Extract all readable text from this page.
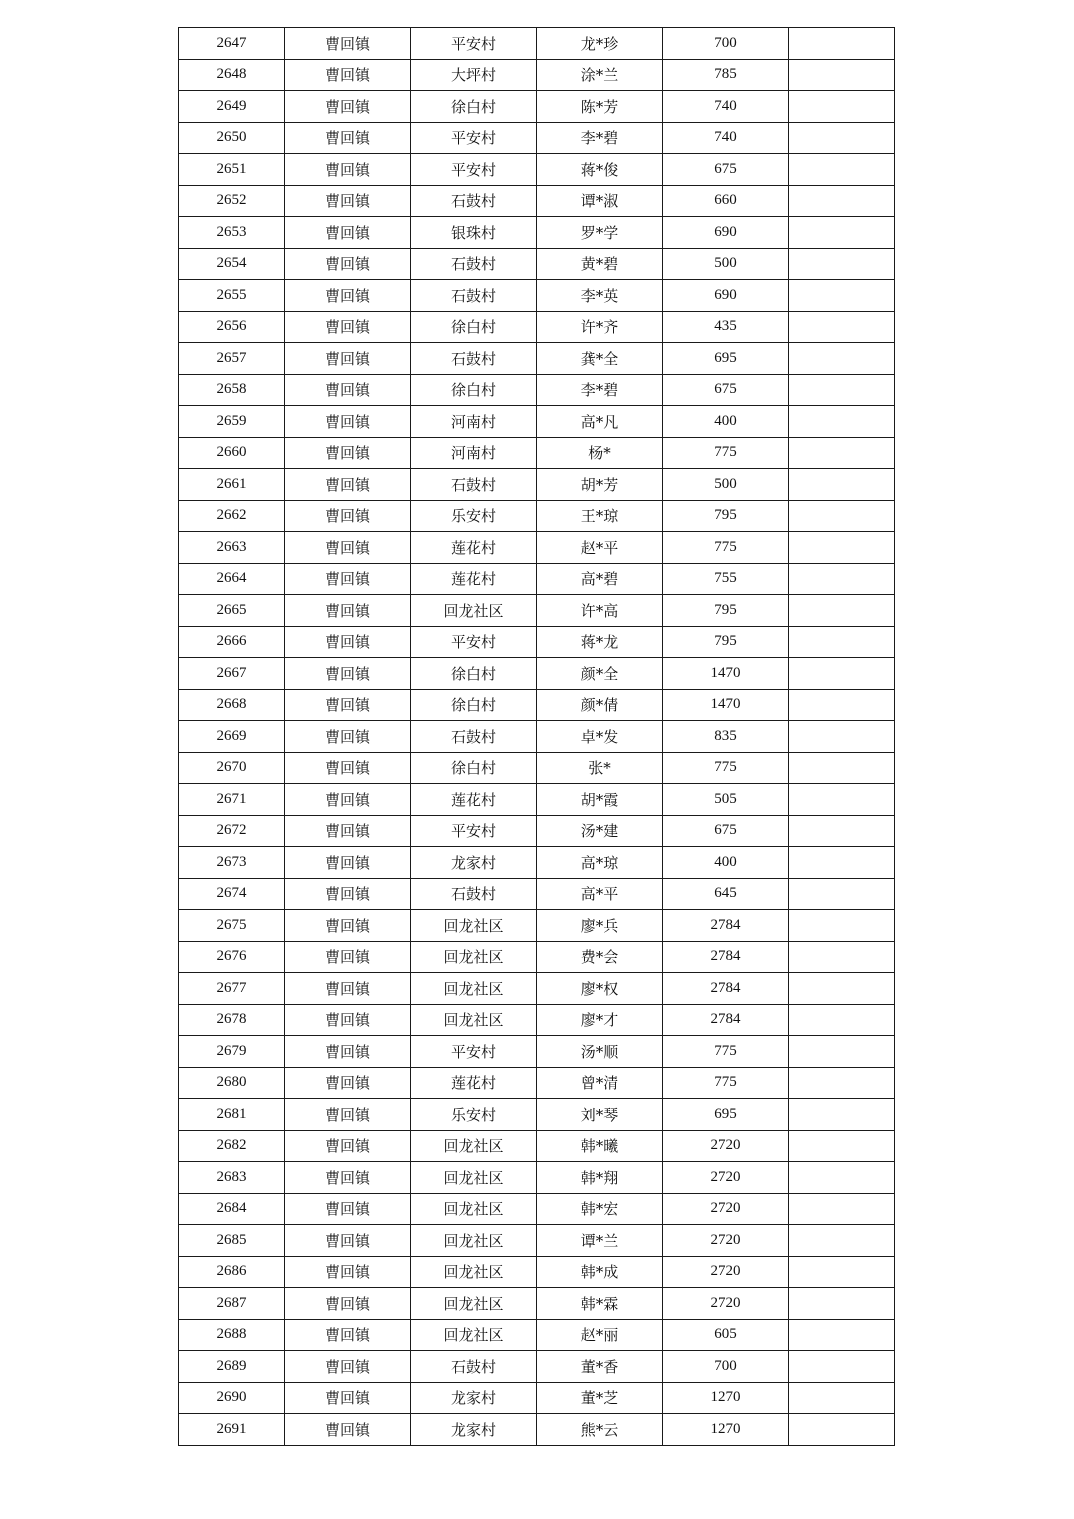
2647	曹回镇	平安村	龙*珍	700	
2648	曹回镇	大坪村	涂*兰	785	
2649	曹回镇	徐白村	陈*芳	740	
2650	曹回镇	平安村	李*碧	740	
2651	曹回镇	平安村	蒋*俊	675	
2652	曹回镇	石鼓村	谭*淑	660	
2653	曹回镇	银珠村	罗*学	690	
2654	曹回镇	石鼓村	黄*碧	500	
2655	曹回镇	石鼓村	李*英	690	
2656	曹回镇	徐白村	许*齐	435	
2657	曹回镇	石鼓村	龚*全	695	
2658	曹回镇	徐白村	李*碧	675	
2659	曹回镇	河南村	高*凡	400	
2660	曹回镇	河南村	杨*	775	
2661	曹回镇	石鼓村	胡*芳	500	
2662	曹回镇	乐安村	王*琼	795	
2663	曹回镇	莲花村	赵*平	775	
2664	曹回镇	莲花村	高*碧	755	
2665	曹回镇	回龙社区	许*高	795	
2666	曹回镇	平安村	蒋*龙	795	
2667	曹回镇	徐白村	颜*全	1470	
2668	曹回镇	徐白村	颜*倩	1470	
2669	曹回镇	石鼓村	卓*发	835	
2670	曹回镇	徐白村	张*	775	
2671	曹回镇	莲花村	胡*霞	505	
2672	曹回镇	平安村	汤*建	675	
2673	曹回镇	龙家村	高*琼	400	
2674	曹回镇	石鼓村	高*平	645	
2675	曹回镇	回龙社区	廖*兵	2784	
2676	曹回镇	回龙社区	费*会	2784	
2677	曹回镇	回龙社区	廖*权	2784	
2678	曹回镇	回龙社区	廖*才	2784	
2679	曹回镇	平安村	汤*顺	775	
2680	曹回镇	莲花村	曾*清	775	
2681	曹回镇	乐安村	刘*琴	695	
2682	曹回镇	回龙社区	韩*曦	2720	
2683	曹回镇	回龙社区	韩*翔	2720	
2684	曹回镇	回龙社区	韩*宏	2720	
2685	曹回镇	回龙社区	谭*兰	2720	
2686	曹回镇	回龙社区	韩*成	2720	
2687	曹回镇	回龙社区	韩*霖	2720	
2688	曹回镇	回龙社区	赵*丽	605	
2689	曹回镇	石鼓村	董*香	700	
2690	曹回镇	龙家村	董*芝	1270	
2691	曹回镇	龙家村	熊*云	1270	
